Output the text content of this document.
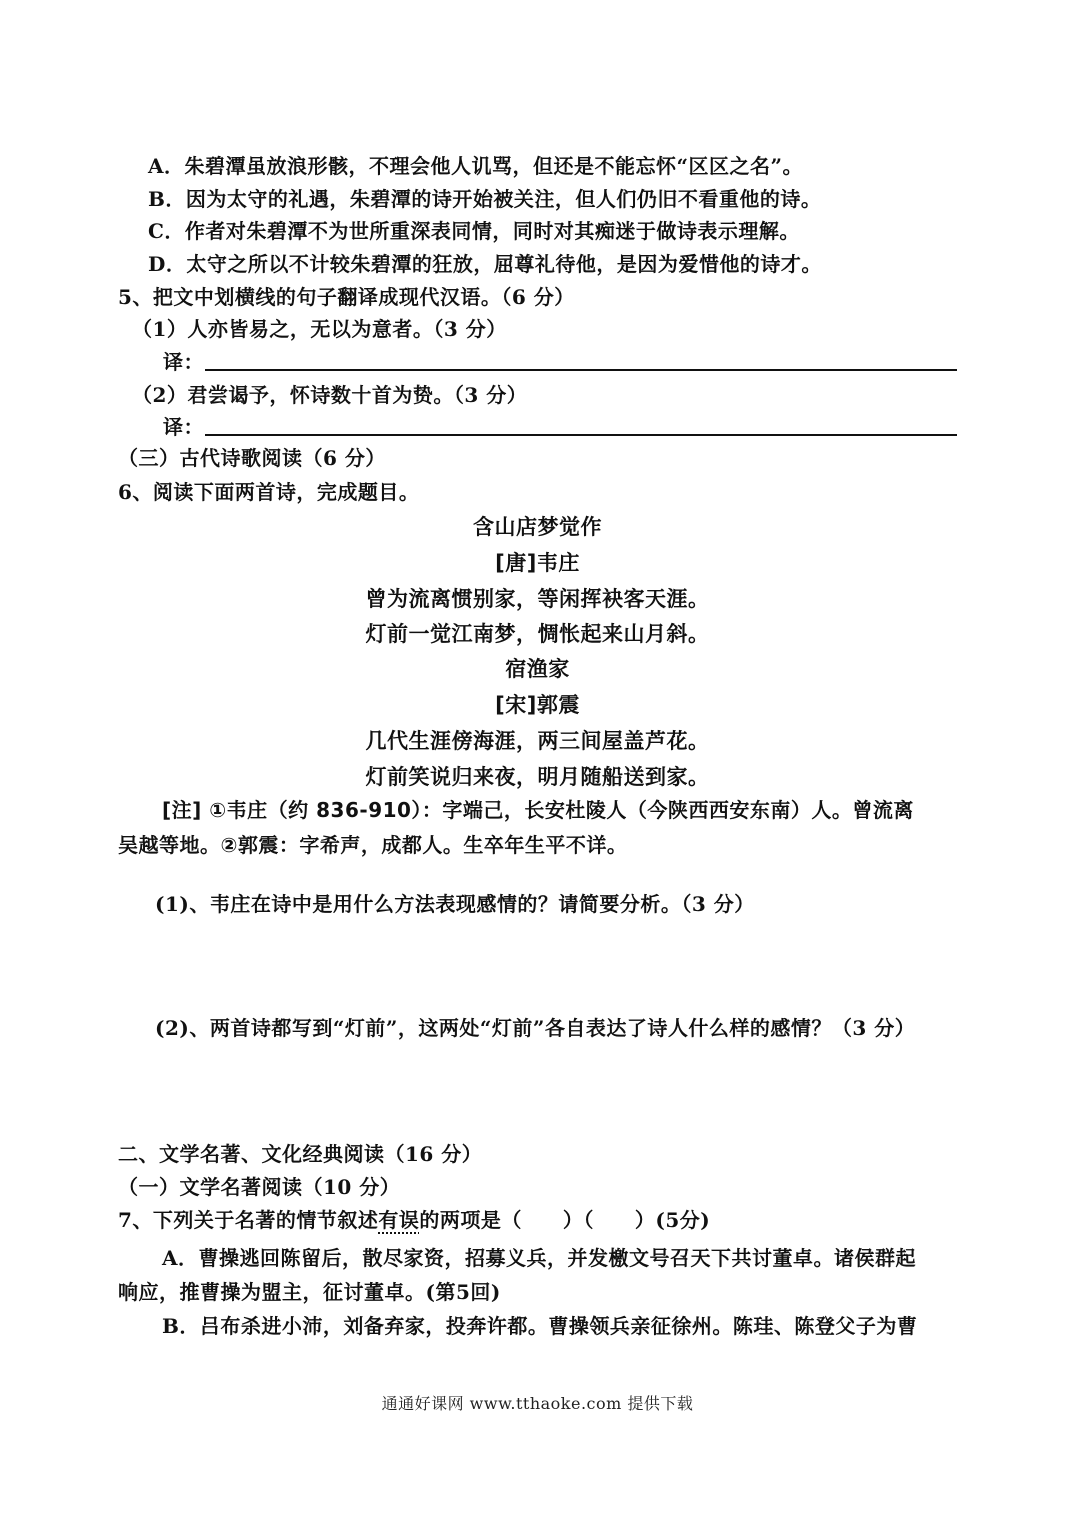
A．朱碧潭虽放浪形骸，不理会他人讥骂，但还是不能忘怀“区区之名”。
B．因为太守的礼遇，朱碧潭的诗开始被关注，但人们仍旧不看重他的诗。
C．作者对朱碧潭不为世所重深表同情，同时对其痴迷于做诗表示理解。
D．太守之所以不计较朱碧潭的狂放，屈尊礼待他，是因为爱惜他的诗才。
5、把文中划横线的句子翻译成现代汉语。（6 分）
（1）人亦皆易之，无以为意者。（3 分）
译：
（2）君尝谒予，怀诗数十首为贽。（3 分）
译：
（三）古代诗歌阅读（6 分）
6、阅读下面两首诗，完成题目。
含山店梦觉作
[唐]韦庄
曾为流离惯别家，等闲挥袂客天涯。
灯前一觉江南梦，惆怅起来山月斜。
宿渔家
[宋]郭震
几代生涯傍海涯，两三间屋盖芦花。
灯前笑说归来夜，明月随船送到家。
[注] ①韦庄（约 836-910）：字端己，长安杜陵人（今陕西西安东南）人。曾流离
吴越等地。②郭震：字希声，成都人。生卒年生平不详。
(1)、韦庄在诗中是用什么方法表现感情的？请简要分析。（3 分）
(2)、两首诗都写到“灯前”，这两处“灯前”各自表达了诗人什么样的感情？（3 分）
二、文学名著、文化经典阅读（16 分）
（一）文学名著阅读（10 分）
7、下列关于名著的情节叙述有误的两项是（　　）（　　）(5分)
A．曹操逃回陈留后，散尽家资，招募义兵，并发檄文号召天下共讨董卓。诸侯群起
响应，推曹操为盟主，征讨董卓。(第5回)
B．吕布杀进小沛，刘备弃家，投奔许都。曹操领兵亲征徐州。陈珪、陈登父子为曹
通通好课网 www.tthaoke.com 提供下载
